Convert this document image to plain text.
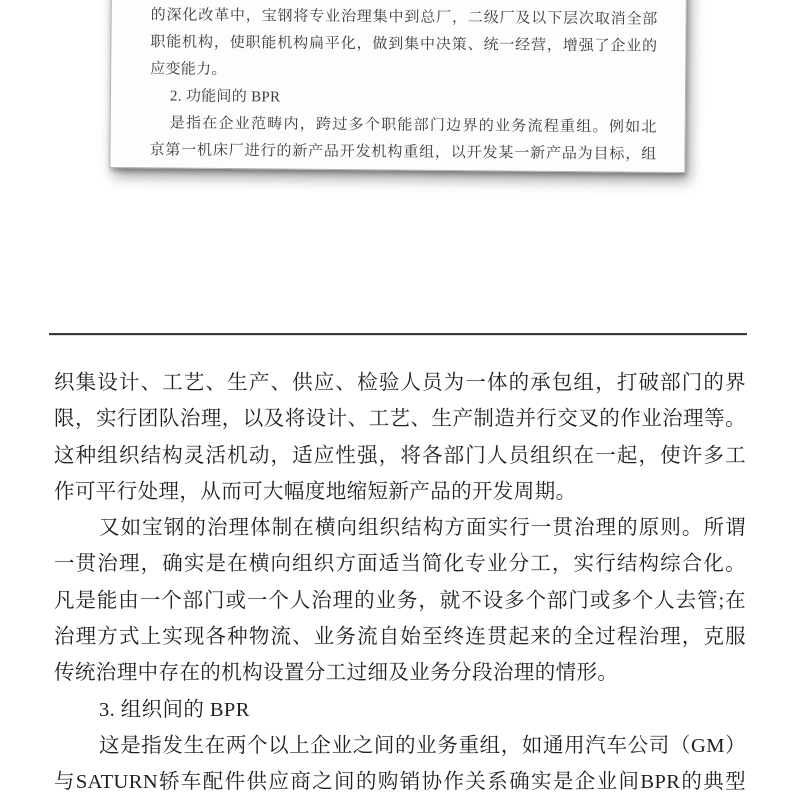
的深化改革中，宝钢将专业治理集中到总厂，二级厂及以下层次取消全部
职能机构，使职能机构扁平化，做到集中决策、统一经营，增强了企业的
应变能力。
2. 功能间的 BPR
是指在企业范畴内，跨过多个职能部门边界的业务流程重组。例如北
京第一机床厂进行的新产品开发机构重组，以开发某一新产品为目标，组
织集设计、工艺、生产、供应、检验人员为一体的承包组，打破部门的界
限，实行团队治理，以及将设计、工艺、生产制造并行交叉的作业治理等。
这种组织结构灵活机动，适应性强，将各部门人员组织在一起，使许多工
作可平行处理，从而可大幅度地缩短新产品的开发周期。
又如宝钢的治理体制在横向组织结构方面实行一贯治理的原则。所谓
一贯治理，确实是在横向组织方面适当简化专业分工，实行结构综合化。
凡是能由一个部门或一个人治理的业务，就不设多个部门或多个人去管;在
治理方式上实现各种物流、业务流自始至终连贯起来的全过程治理，克服
传统治理中存在的机构设置分工过细及业务分段治理的情形。
3. 组织间的 BPR
这是指发生在两个以上企业之间的业务重组，如通用汽车公司（GM）
与SATURN轿车配件供应商之间的购销协作关系确实是企业间BPR的典型
